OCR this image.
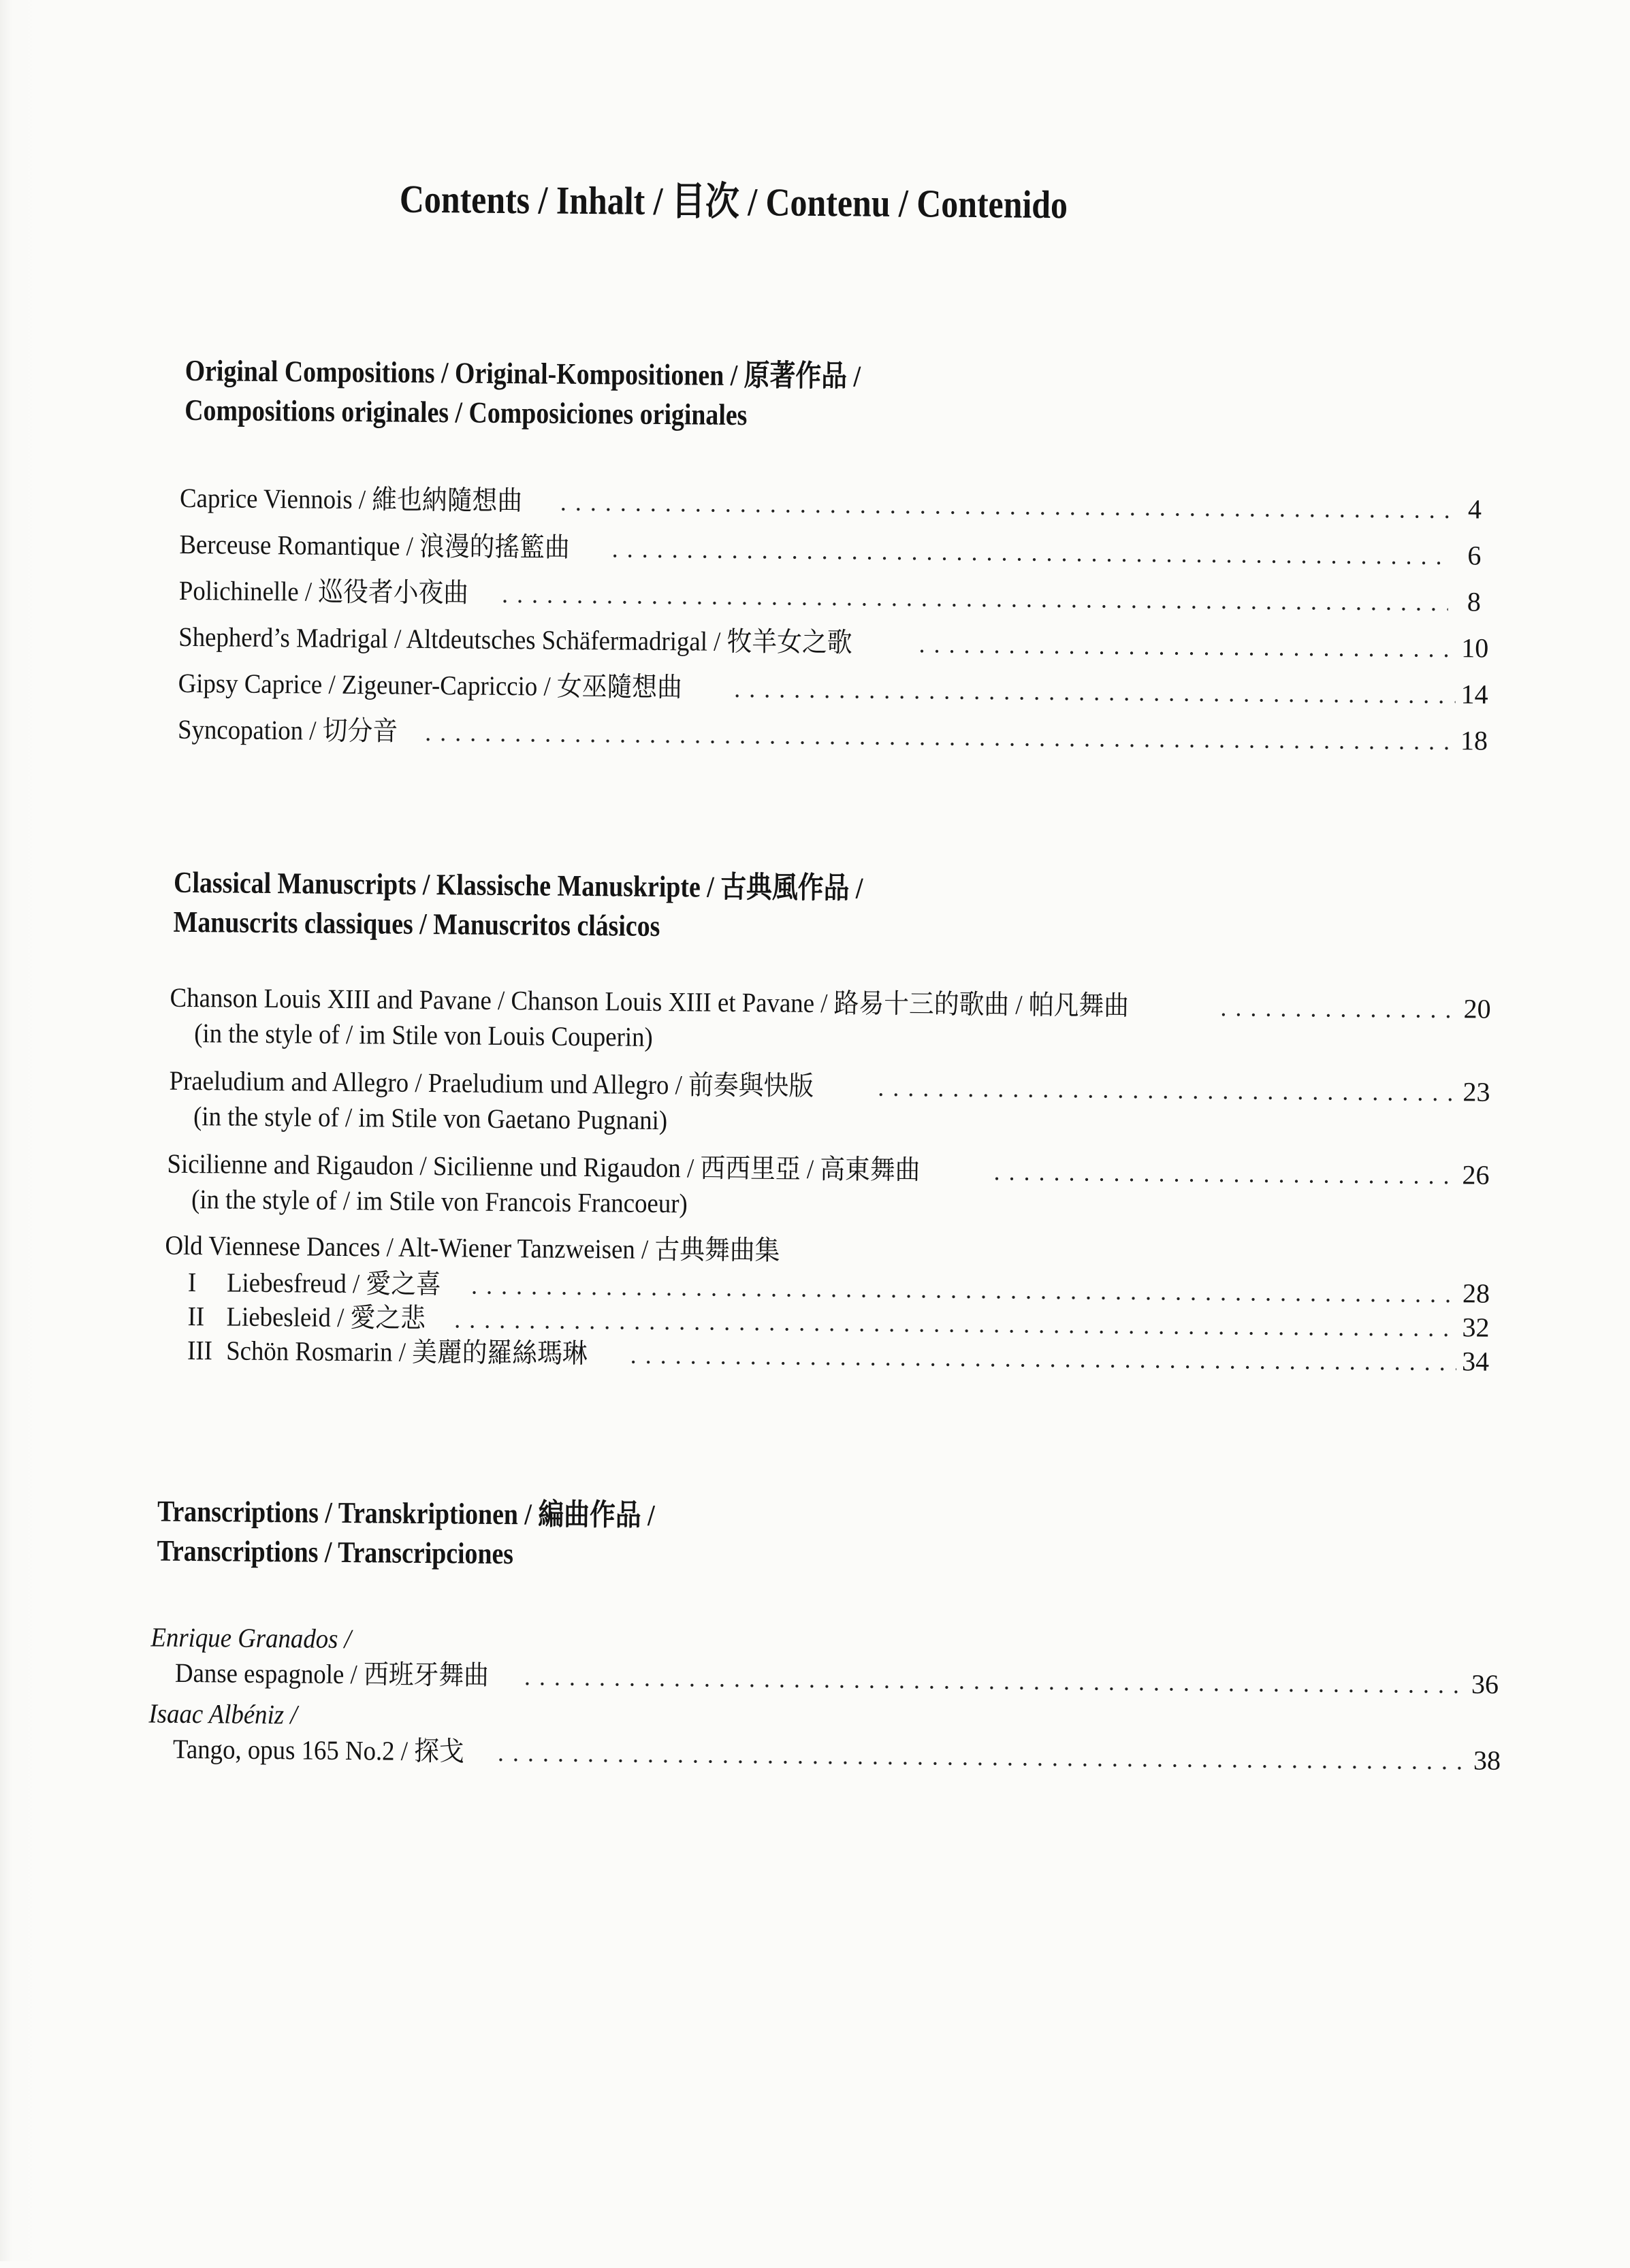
Contents / Inhalt / 目次 / Contenu / Contenido
Original Compositions / Original-Kompositionen / 原著作品 /
Compositions originales / Composiciones originales
Caprice Viennois / 維也納隨想曲 . . .	4
Berceuse Romantique / 浪漫的搖籃曲 . . .	6
Polichinelle / 巡役者小夜曲 . . .	8
Shepherd’s Madrigal / Altdeutsches Schäfermadrigal / 牧羊女之歌 . . .	10
Gipsy Caprice / Zigeuner-Capriccio / 女巫隨想曲 . . .	14
Syncopation / 切分音 . . .	18
Classical Manuscripts / Klassische Manuskripte / 古典風作品 /
Manuscrits classiques / Manuscritos clásicos
Chanson Louis XIII and Pavane / Chanson Louis XIII et Pavane / 路易十三的歌曲 / 帕凡舞曲 . . .	20
(in the style of / im Stile von Louis Couperin)
Praeludium and Allegro / Praeludium und Allegro / 前奏與快版 . . .	23
(in the style of / im Stile von Gaetano Pugnani)
Sicilienne and Rigaudon / Sicilienne und Rigaudon / 西西里亞 / 高東舞曲 . . .	26
(in the style of / im Stile von Francois Francoeur)
Old Viennese Dances / Alt-Wiener Tanzweisen / 古典舞曲集
I Liebesfreud / 愛之喜 . . .	28
II Liebesleid / 愛之悲 . . .	32
III Schön Rosmarin / 美麗的羅絲瑪琳 . . .	34
Transcriptions / Transkriptionen / 編曲作品 /
Transcriptions / Transcripciones
Enrique Granados /
Danse espagnole / 西班牙舞曲 . . .	36
Isaac Albéniz /
Tango, opus 165 No.2 / 探戈 . . .	38
